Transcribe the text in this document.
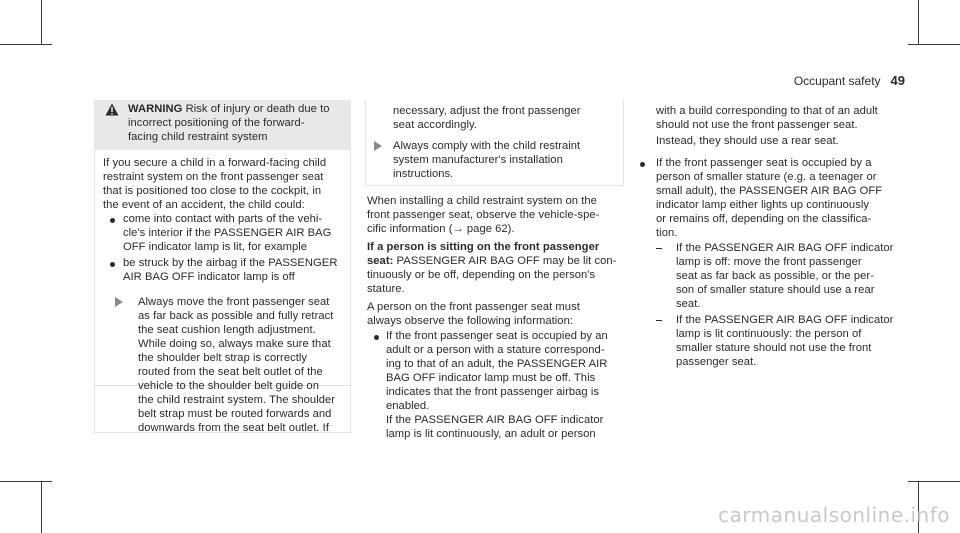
Occupant safety 49
WARNING Risk of injury or death due to
incorrect positioning of the forward-
facing child restraint system
If you secure a child in a forward-facing child
restraint system on the front passenger seat
that is positioned too close to the cockpit, in
the event of an accident, the child could:
come into contact with parts of the vehi-
cle's interior if the PASSENGER AIR BAG
OFF indicator lamp is lit, for example
be struck by the airbag if the PASSENGER
AIR BAG OFF indicator lamp is off
Always move the front passenger seat
as far back as possible and fully retract
the seat cushion length adjustment.
While doing so, always make sure that
the shoulder belt strap is correctly
routed from the seat belt outlet of the
vehicle to the shoulder belt guide on
the child restraint system. The shoulder
belt strap must be routed forwards and
downwards from the seat belt outlet. If
necessary, adjust the front passenger
seat accordingly.
Always comply with the child restraint
system manufacturer's installation
instructions.
When installing a child restraint system on the
front passenger seat, observe the vehicle-spe-
cific information (→ page 62).
If a person is sitting on the front passenger
seat: PASSENGER AIR BAG OFF may be lit con-
tinuously or be off, depending on the person's
stature.
A person on the front passenger seat must
always observe the following information:
If the front passenger seat is occupied by an
adult or a person with a stature correspond-
ing to that of an adult, the PASSENGER AIR
BAG OFF indicator lamp must be off. This
indicates that the front passenger airbag is
enabled.
If the PASSENGER AIR BAG OFF indicator
lamp is lit continuously, an adult or person
with a build corresponding to that of an adult
should not use the front passenger seat.
Instead, they should use a rear seat.
If the front passenger seat is occupied by a
person of smaller stature (e.g. a teenager or
small adult), the PASSENGER AIR BAG OFF
indicator lamp either lights up continuously
or remains off, depending on the classifica-
tion.
If the PASSENGER AIR BAG OFF indicator
lamp is off: move the front passenger
seat as far back as possible, or the per-
son of smaller stature should use a rear
seat.
If the PASSENGER AIR BAG OFF indicator
lamp is lit continuously: the person of
smaller stature should not use the front
passenger seat.
carmanualsonline.info
